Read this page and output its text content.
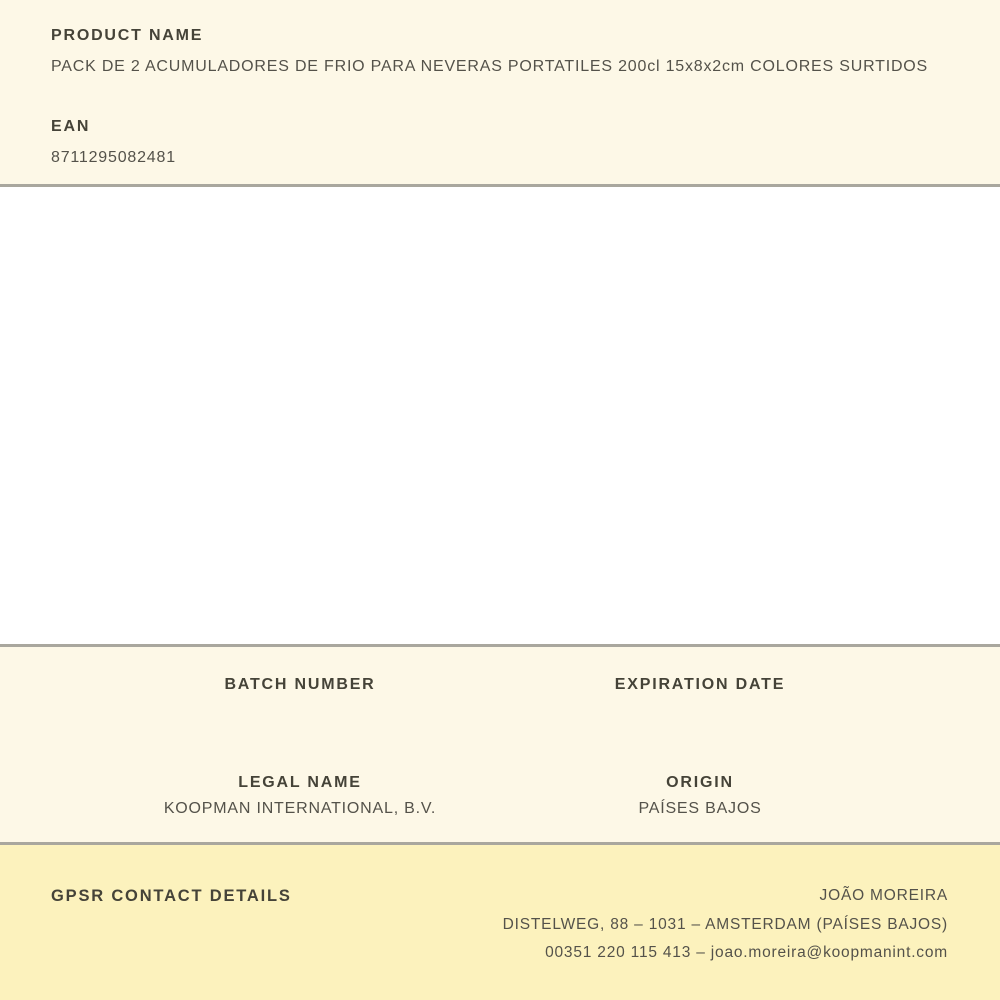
PRODUCT NAME
PACK DE 2 ACUMULADORES DE FRIO PARA NEVERAS PORTATILES 200cl 15x8x2cm COLORES SURTIDOS
EAN
8711295082481
BATCH NUMBER	EXPIRATION DATE
LEGAL NAME
KOOPMAN INTERNATIONAL, B.V.
ORIGIN
PAÍSES BAJOS
GPSR CONTACT DETAILS	JOÃO MOREIRA
DISTELWEG, 88 – 1031 – AMSTERDAM (PAÍSES BAJOS)
00351 220 115 413 – joao.moreira@koopmanint.com
